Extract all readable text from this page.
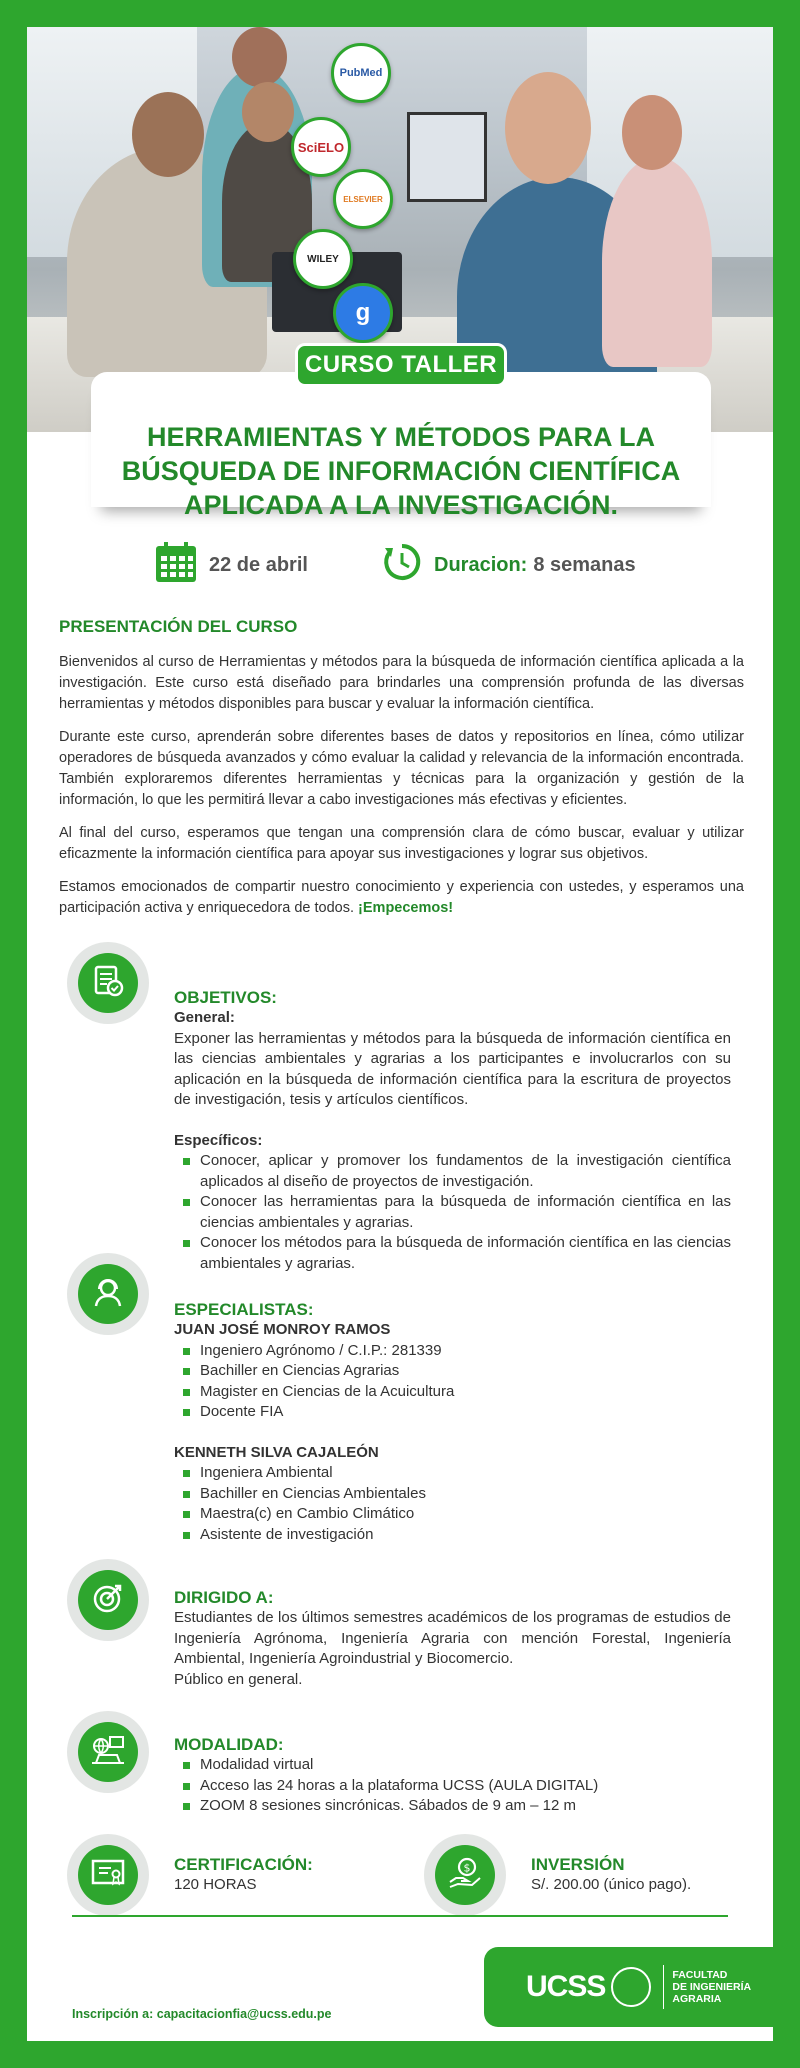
PubMed
SciELO
ELSEVIER
WILEY
g
HERRAMIENTAS Y MÉTODOS PARA LA
BÚSQUEDA DE INFORMACIÓN CIENTÍFICA
APLICADA A LA INVESTIGACIÓN.
CURSO TALLER
22 de abril	Duracion: 8 semanas
PRESENTACIÓN DEL CURSO

Bienvenidos al curso de Herramientas y métodos para la búsqueda de información científica aplicada a la investigación. Este curso está diseñado para brindarles una comprensión profunda de las diversas herramientas y métodos disponibles para buscar y evaluar la información científica.

Durante este curso, aprenderán sobre diferentes bases de datos y repositorios en línea, cómo utilizar operadores de búsqueda avanzados y cómo evaluar la calidad y relevancia de la información encontrada. También exploraremos diferentes herramientas y técnicas para la organización y gestión de la información, lo que les permitirá llevar a cabo investigaciones más efectivas y eficientes.

Al final del curso, esperamos que tengan una comprensión clara de cómo buscar, evaluar y utilizar eficazmente la información científica para apoyar sus investigaciones y lograr sus objetivos.

Estamos emocionados de compartir nuestro conocimiento y experiencia con ustedes, y esperamos una participación activa y enriquecedora de todos. ¡Empecemos!

OBJETIVOS:
General:
Exponer las herramientas y métodos para la búsqueda de información científica en las ciencias ambientales y agrarias a los participantes e involucrarlos con su aplicación en la búsqueda de información científica para la escritura de proyectos de investigación, tesis y artículos científicos.
Específicos:
Conocer, aplicar y promover los fundamentos de la investigación científica aplicados al diseño de proyectos de investigación.
Conocer las herramientas para la búsqueda de información científica en las ciencias ambientales y agrarias.
Conocer los métodos para la búsqueda de información científica en las ciencias ambientales y agrarias.
ESPECIALISTAS:
JUAN JOSÉ MONROY RAMOS
Ingeniero Agrónomo / C.I.P.: 281339
Bachiller en Ciencias Agrarias
Magister en Ciencias de la Acuicultura
Docente FIA
KENNETH SILVA CAJALEÓN
Ingeniera Ambiental
Bachiller en Ciencias Ambientales
Maestra(c) en Cambio Climático
Asistente de investigación
DIRIGIDO A:
Estudiantes de los últimos semestres académicos de los programas de estudios de Ingeniería Agrónoma, Ingeniería Agraria con mención Forestal, Ingeniería Ambiental, Ingeniería Agroindustrial y Biocomercio.
Público en general.
MODALIDAD:
Modalidad virtual
Acceso las 24 horas a la plataforma UCSS (AULA DIGITAL)
ZOOM 8 sesiones sincrónicas. Sábados de 9 am – 12 m
CERTIFICACIÓN:
120 HORAS
$	INVERSIÓN
S/. 200.00 (único pago).
Inscripción a: capacitacionfia@ucss.edu.pe
UCSS	FACULTAD
DE INGENIERÍA
AGRARIA
